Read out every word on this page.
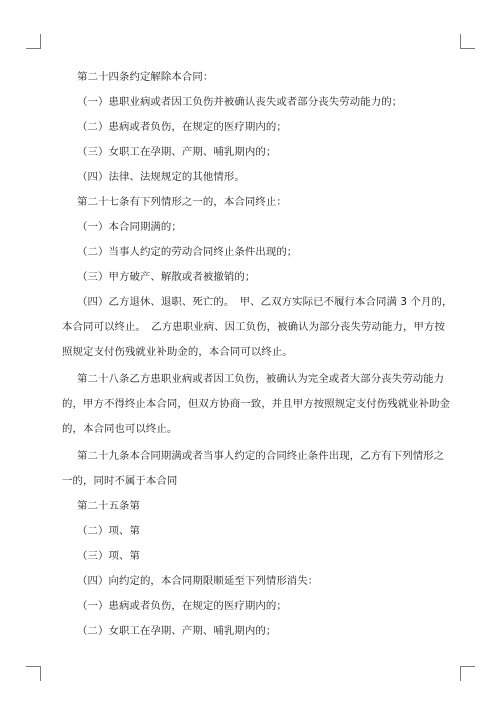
第二十四条约定解除本合同：
（一）患职业病或者因工负伤并被确认丧失或者部分丧失劳动能力的；
（二）患病或者负伤，在规定的医疗期内的；
（三）女职工在孕期、产期、哺乳期内的；
（四）法律、法规规定的其他情形。
第二十七条有下列情形之一的，本合同终止：
（一）本合同期满的；
（二）当事人约定的劳动合同终止条件出现的；
（三）甲方破产、解散或者被撤销的；
（四）乙方退休、退职、死亡的。　甲、乙双方实际已不履行本合同满 3 个月的，
本合同可以终止。　乙方患职业病、因工负伤，被确认为部分丧失劳动能力，甲方按
照规定支付伤残就业补助金的，本合同可以终止。
第二十八条乙方患职业病或者因工负伤，被确认为完全或者大部分丧失劳动能力
的，甲方不得终止本合同，但双方协商一致，并且甲方按照规定支付伤残就业补助金
的，本合同也可以终止。
第二十九条本合同期满或者当事人约定的合同终止条件出现，乙方有下列情形之
一的，同时不属于本合同
第二十五条第
（二）项、第
（三）项、第
（四）向约定的，本合同期限顺延至下列情形消失：
（一）患病或者负伤，在规定的医疗期内的；
（二）女职工在孕期、产期、哺乳期内的；
